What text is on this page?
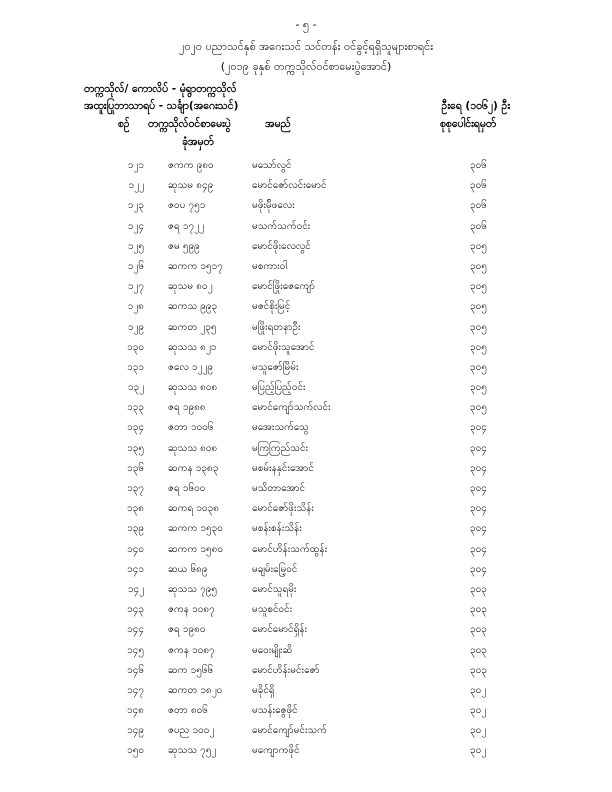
- ၅ -
၂၀၂၀ ပညာသင်နှစ် အဂေးသင် သင်တန်း ဝင်ခွင့်ရရှိသူများစာရင်း
(၂၀၁၉ ခုနှစ် တက္ကသိုလ်ဝင်စာမေးပွဲအောင်)
တက္ကသိုလ်/ ကောလိပ် - မုံရွာတက္ကသိုလ်
အထူးပြုဘာသာရပ် - သင်္ချာ(အဂေးသင်)	ဦးရေ (၁၀၆၂) ဦး
စဉ် တက္ကသိုလ်ဝင်စာမေးပွဲ
ခုံအမှတ်
အမည်	စုစုပေါင်းရမှတ်
၁၂၁ ဇကက ၉၈၀	မသော်လွင်	၃၀၆
၁၂၂ ဆုသမ ၈၄၉	မောင်ဇော်လင်းမောင်	၃၀၆
၁၂၃ ဇဝပ ၇၅၁	မဖိုးမ်ိုဖလေး	၃၀၆
၁၂၄ ဇရ ၁၇၂၂	မသက်သက်ဝင်း	၃၀၆
၁၂၅ ဇမ ၅၉၉	မောင်ဖိုးလေလွင်	၃၀၅
၁၂၆ ဆကက ၁၅၁၇	မစကားဝါ	၃၀၅
၁၂၇ ဆုသမ ၈၀၂	မောင်ဖြိုးဇေကျော်	၃၀၅
၁၂၈ ဆကသ ၉၉၃	မဇင်စိုးမြင့်	၃၀၅
၁၂၉ ဆကတ ၂၃၅	မဖြိုးရတနာဦး	၃၀၅
၁၃၀ ဆုသသ ၈၂၁	မောင်ဖိုးသူအောင်	၃၀၅
၁၃၁ ဇလေ ၁၂၂၉	မသူဇော်မြိမ်း	၃၀၅
၁၃၂ ဆုသသ ၈၀၈	မပြည့်ပြည့်ဝင်း	၃၀၅
၁၃၃ ဇရ ၁၉၈၈	မောင်ကျော်သက်လင်း	၃၀၅
၁၃၄ ဇတာ ၁၀၀၆	မအေးသက်သွေ	၃၀၄
၁၃၅ ဆုသသ ၈၀၈	မကြကြည်သင်း	၃၀၄
၁၃၆ ဆကန ၁၃၈၃	မစမ်းနနှင်းအောင်	၃၀၄
၁၃၇ ဇရ ၁၆၀၀	မသိတာအောင်	၃၀၄
၁၃၈ ဆကရ ၁၀၃၈	မောင်ဇော်ဖိုးသိန်း	၃၀၄
၁၃၉ ဆကက ၁၅၃၀	မစန်းစန်းသိန်း	၃၀၄
၁၄၀ ဆကက ၁၅၈၀	မောင်ဟိန်းသက်ထွန်း	၃၀၄
၁၄၁ ဆယ ၆၈၉	မချမ်းမြေ့ဝင်	၃၀၄
၁၄၂ ဆုသသ ၇၉၅	မောင်သူရမိုး	၃၀၃
၁၄၃ ဇကန ၁၀၈၇	မသူစင်ဝင်း	၃၀၃
၁၄၄ ဇရ ၁၉၈၀	မောင်မောင်ရှိန်း	၃၀၃
၁၄၅ ဇကန ၁၀၈၇	မဝေးမျိုးဆိ	၃၀၃
၁၄၆ ဆက ၁၅၆၆	မောင်ဟိန်းမင်းဇော်	၃၀၃
၁၄၇ ဆကတ ၁၈၂၀	မခိုင်ရှိ	၃၀၂
၁၄၈ ဇတာ ၈၀၆	မသန်းဇွေဖိုင်	၃၀၂
၁၄၉ ဇပည ၁၀၀၂	မောင်ကျော်မင်းသက်	၃၀၂
၁၅၀ ဆုသသ ၇၅၂	မကျောကဖိုင်	၃၀၂
